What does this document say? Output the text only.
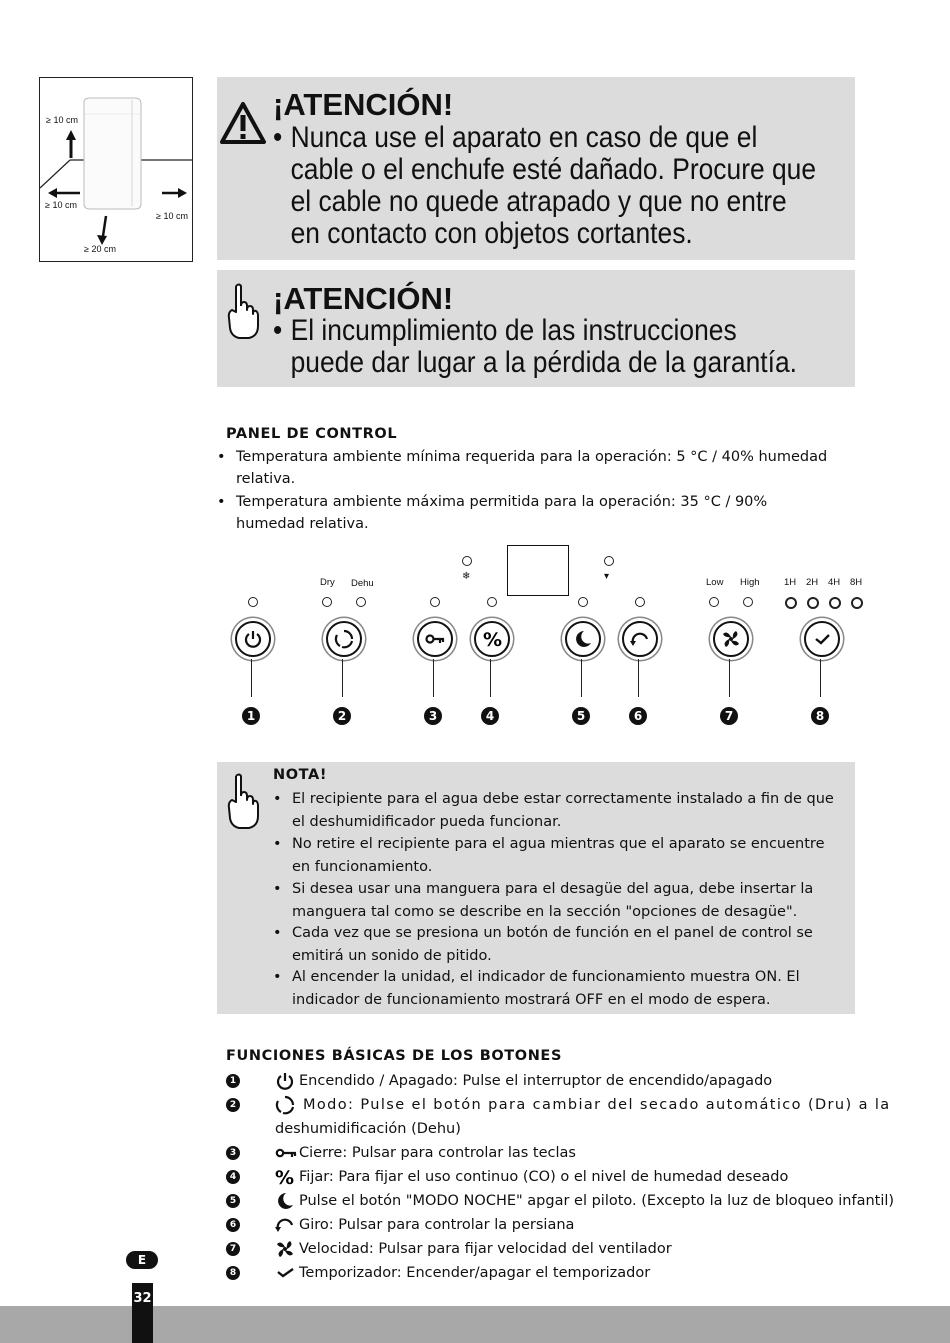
≥ 10 cm
≥ 10 cm
≥ 10 cm
≥ 20 cm
¡ATENCIÓN!
• Nunca use el aparato en caso de que el
cable o el enchufe esté dañado. Procure que
el cable no quede atrapado y que no entre
en contacto con objetos cortantes.
¡ATENCIÓN!
• El incumplimiento de las instrucciones
puede dar lugar a la pérdida de la garantía.
PANEL DE CONTROL
• Temperatura ambiente mínima requerida para la operación: 5 °C / 40% humedad relativa.
• Temperatura ambiente máxima permitida para la operación: 35 °C / 90% humedad relativa.
❄	▾
Dry Dehu	Low High	1H 2H 4H 8H
%
1	2	3	4	5	6	7	8
NOTA!
• El recipiente para el agua debe estar correctamente instalado a fin de que el deshumidificador pueda funcionar.
• No retire el recipiente para el agua mientras que el aparato se encuentre en funcionamiento.
• Si desea usar una manguera para el desagüe del agua, debe insertar la manguera tal como se describe en la sección "opciones de desagüe".
• Cada vez que se presiona un botón de función en el panel de control se emitirá un sonido de pitido.
• Al encender la unidad, el indicador de funcionamiento muestra ON. El indicador de funcionamiento mostrará OFF en el modo de espera.
FUNCIONES BÁSICAS DE LOS BOTONES
1	Encendido / Apagado: Pulse el interruptor de encendido/apagado
2	Modo: Pulse el botón para cambiar del secado automático (Dru) a la
deshumidificación (Dehu)
3	Cierre: Pulsar para controlar las teclas
4 % Fijar: Para fijar el uso continuo (CO) o el nivel de humedad deseado
5	Pulse el botón "MODO NOCHE" apgar el piloto. (Excepto la luz de bloqueo infantil)
6	Giro: Pulsar para controlar la persiana
7	Velocidad: Pulsar para fijar velocidad del ventilador
8	Temporizador: Encender/apagar el temporizador
32
E
